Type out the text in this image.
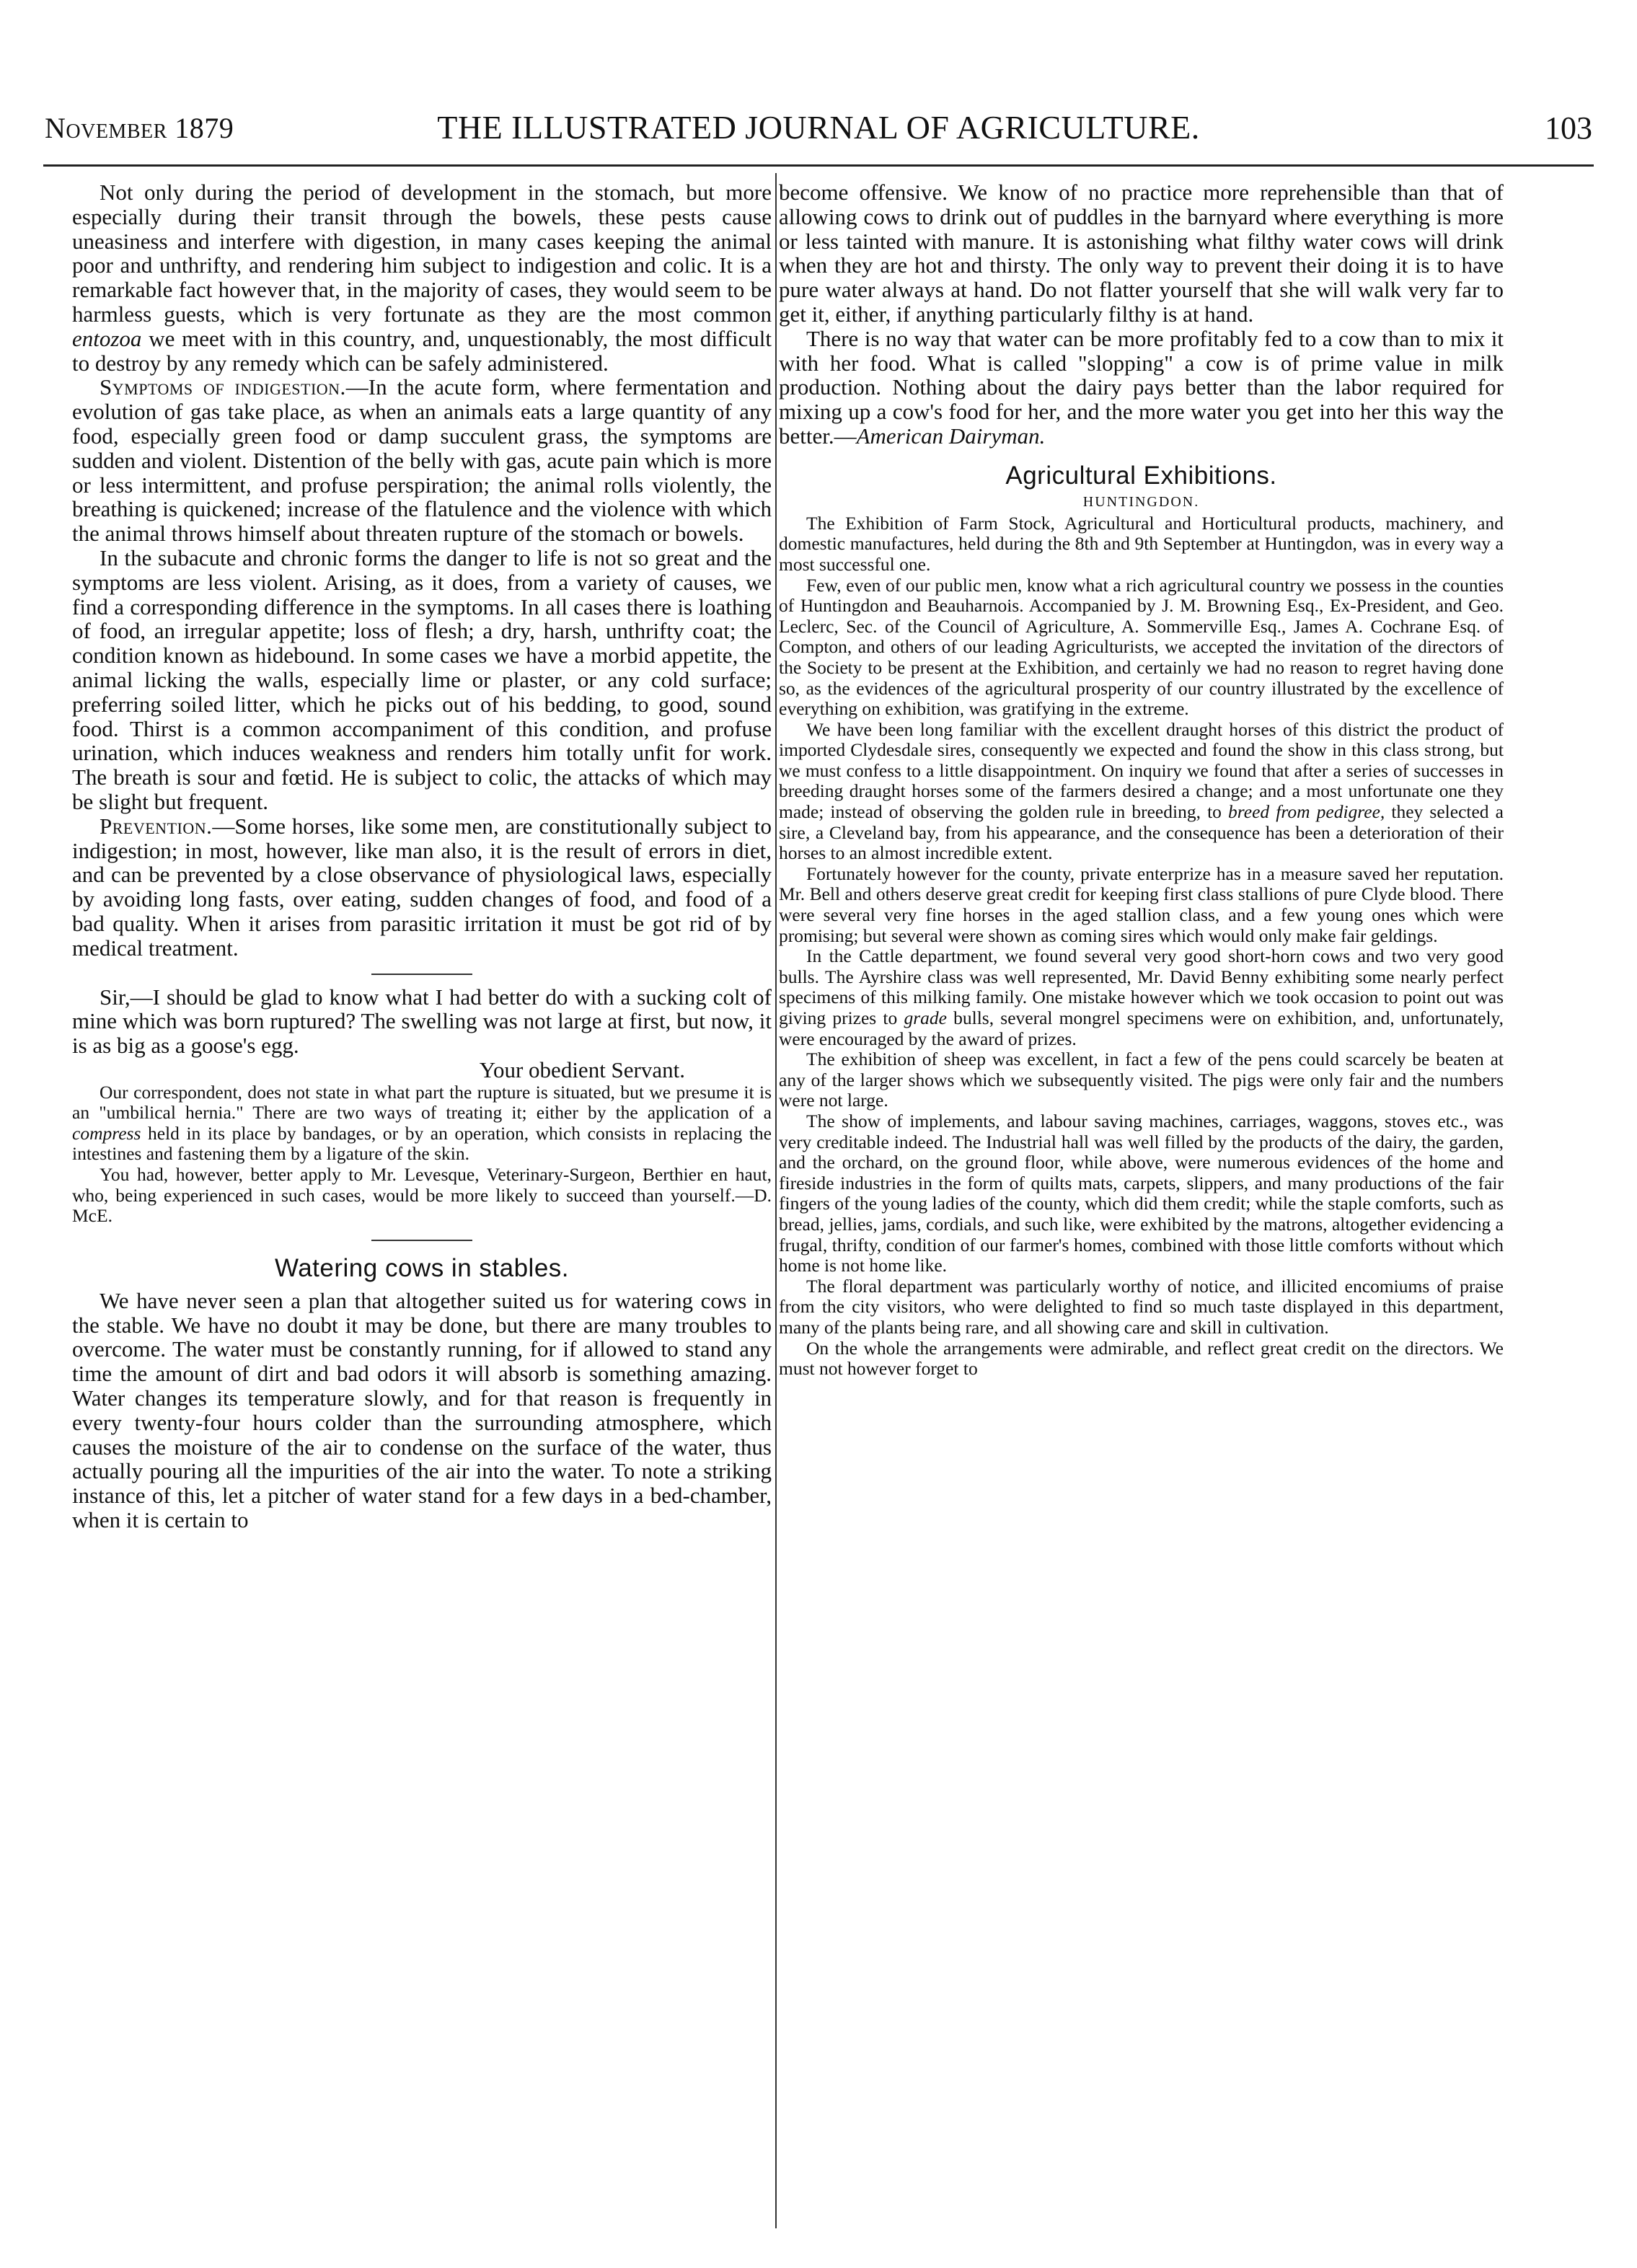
November 1879	THE ILLUSTRATED JOURNAL OF AGRICULTURE.	103

Not only during the period of development in the stomach, but more especially during their transit through the bowels, these pests cause uneasiness and interfere with digestion, in many cases keeping the animal poor and unthrifty, and rendering him subject to indigestion and colic. It is a remarkable fact however that, in the majority of cases, they would seem to be harmless guests, which is very fortunate as they are the most common entozoa we meet with in this country, and, unquestionably, the most difficult to destroy by any remedy which can be safely administered.

Symptoms of indigestion.—In the acute form, where fermentation and evolution of gas take place, as when an animals eats a large quantity of any food, especially green food or damp succulent grass, the symptoms are sudden and violent. Distention of the belly with gas, acute pain which is more or less intermittent, and profuse perspiration; the animal rolls violently, the breathing is quickened; increase of the flatulence and the violence with which the animal throws himself about threaten rupture of the stomach or bowels.

In the subacute and chronic forms the danger to life is not so great and the symptoms are less violent. Arising, as it does, from a variety of causes, we find a corresponding difference in the symptoms. In all cases there is loathing of food, an irregular appetite; loss of flesh; a dry, harsh, unthrifty coat; the condition known as hidebound. In some cases we have a morbid appetite, the animal licking the walls, especially lime or plaster, or any cold surface; preferring soiled litter, which he picks out of his bedding, to good, sound food. Thirst is a common accompaniment of this condition, and profuse urination, which induces weakness and renders him totally unfit for work. The breath is sour and fœtid. He is subject to colic, the attacks of which may be slight but frequent.

Prevention.—Some horses, like some men, are constitutionally subject to indigestion; in most, however, like man also, it is the result of errors in diet, and can be prevented by a close observance of physiological laws, especially by avoiding long fasts, over eating, sudden changes of food, and food of a bad quality. When it arises from parasitic irritation it must be got rid of by medical treatment.

Sir,—I should be glad to know what I had better do with a sucking colt of mine which was born ruptured? The swelling was not large at first, but now, it is as big as a goose's egg.

Your obedient Servant.

Our correspondent, does not state in what part the rupture is situated, but we presume it is an "umbilical hernia." There are two ways of treating it; either by the application of a compress held in its place by bandages, or by an operation, which consists in replacing the intestines and fastening them by a ligature of the skin.

You had, however, better apply to Mr. Levesque, Veterinary-Surgeon, Berthier en haut, who, being experienced in such cases, would be more likely to succeed than yourself.—D. McE.

Watering cows in stables.

We have never seen a plan that altogether suited us for watering cows in the stable. We have no doubt it may be done, but there are many troubles to overcome. The water must be constantly running, for if allowed to stand any time the amount of dirt and bad odors it will absorb is something amazing. Water changes its temperature slowly, and for that reason is frequently in every twenty-four hours colder than the surrounding atmosphere, which causes the moisture of the air to condense on the surface of the water, thus actually pouring all the impurities of the air into the water. To note a striking instance of this, let a pitcher of water stand for a few days in a bed-chamber, when it is certain to

become offensive. We know of no practice more reprehensible than that of allowing cows to drink out of puddles in the barnyard where everything is more or less tainted with manure. It is astonishing what filthy water cows will drink when they are hot and thirsty. The only way to prevent their doing it is to have pure water always at hand. Do not flatter yourself that she will walk very far to get it, either, if anything particularly filthy is at hand.

There is no way that water can be more profitably fed to a cow than to mix it with her food. What is called "slopping" a cow is of prime value in milk production. Nothing about the dairy pays better than the labor required for mixing up a cow's food for her, and the more water you get into her this way the better.—American Dairyman.

Agricultural Exhibitions.
HUNTINGDON.

The Exhibition of Farm Stock, Agricultural and Horticultural products, machinery, and domestic manufactures, held during the 8th and 9th September at Huntingdon, was in every way a most successful one.

Few, even of our public men, know what a rich agricultural country we possess in the counties of Huntingdon and Beauharnois. Accompanied by J. M. Browning Esq., Ex-President, and Geo. Leclerc, Sec. of the Council of Agriculture, A. Sommerville Esq., James A. Cochrane Esq. of Compton, and others of our leading Agriculturists, we accepted the invitation of the directors of the Society to be present at the Exhibition, and certainly we had no reason to regret having done so, as the evidences of the agricultural prosperity of our country illustrated by the excellence of everything on exhibition, was gratifying in the extreme.

We have been long familiar with the excellent draught horses of this district the product of imported Clydesdale sires, consequently we expected and found the show in this class strong, but we must confess to a little disappointment. On inquiry we found that after a series of successes in breeding draught horses some of the farmers desired a change; and a most unfortunate one they made; instead of observing the golden rule in breeding, to breed from pedigree, they selected a sire, a Cleveland bay, from his appearance, and the consequence has been a deterioration of their horses to an almost incredible extent.

Fortunately however for the county, private enterprize has in a measure saved her reputation. Mr. Bell and others deserve great credit for keeping first class stallions of pure Clyde blood. There were several very fine horses in the aged stallion class, and a few young ones which were promising; but several were shown as coming sires which would only make fair geldings.

In the Cattle department, we found several very good short-horn cows and two very good bulls. The Ayrshire class was well represented, Mr. David Benny exhibiting some nearly perfect specimens of this milking family. One mistake however which we took occasion to point out was giving prizes to grade bulls, several mongrel specimens were on exhibition, and, unfortunately, were encouraged by the award of prizes.

The exhibition of sheep was excellent, in fact a few of the pens could scarcely be beaten at any of the larger shows which we subsequently visited. The pigs were only fair and the numbers were not large.

The show of implements, and labour saving machines, carriages, waggons, stoves etc., was very creditable indeed. The Industrial hall was well filled by the products of the dairy, the garden, and the orchard, on the ground floor, while above, were numerous evidences of the home and fireside industries in the form of quilts mats, carpets, slippers, and many productions of the fair fingers of the young ladies of the county, which did them credit; while the staple comforts, such as bread, jellies, jams, cordials, and such like, were exhibited by the matrons, altogether evidencing a frugal, thrifty, condition of our farmer's homes, combined with those little comforts without which home is not home like.

The floral department was particularly worthy of notice, and illicited encomiums of praise from the city visitors, who were delighted to find so much taste displayed in this department, many of the plants being rare, and all showing care and skill in cultivation.

On the whole the arrangements were admirable, and reflect great credit on the directors. We must not however forget to
